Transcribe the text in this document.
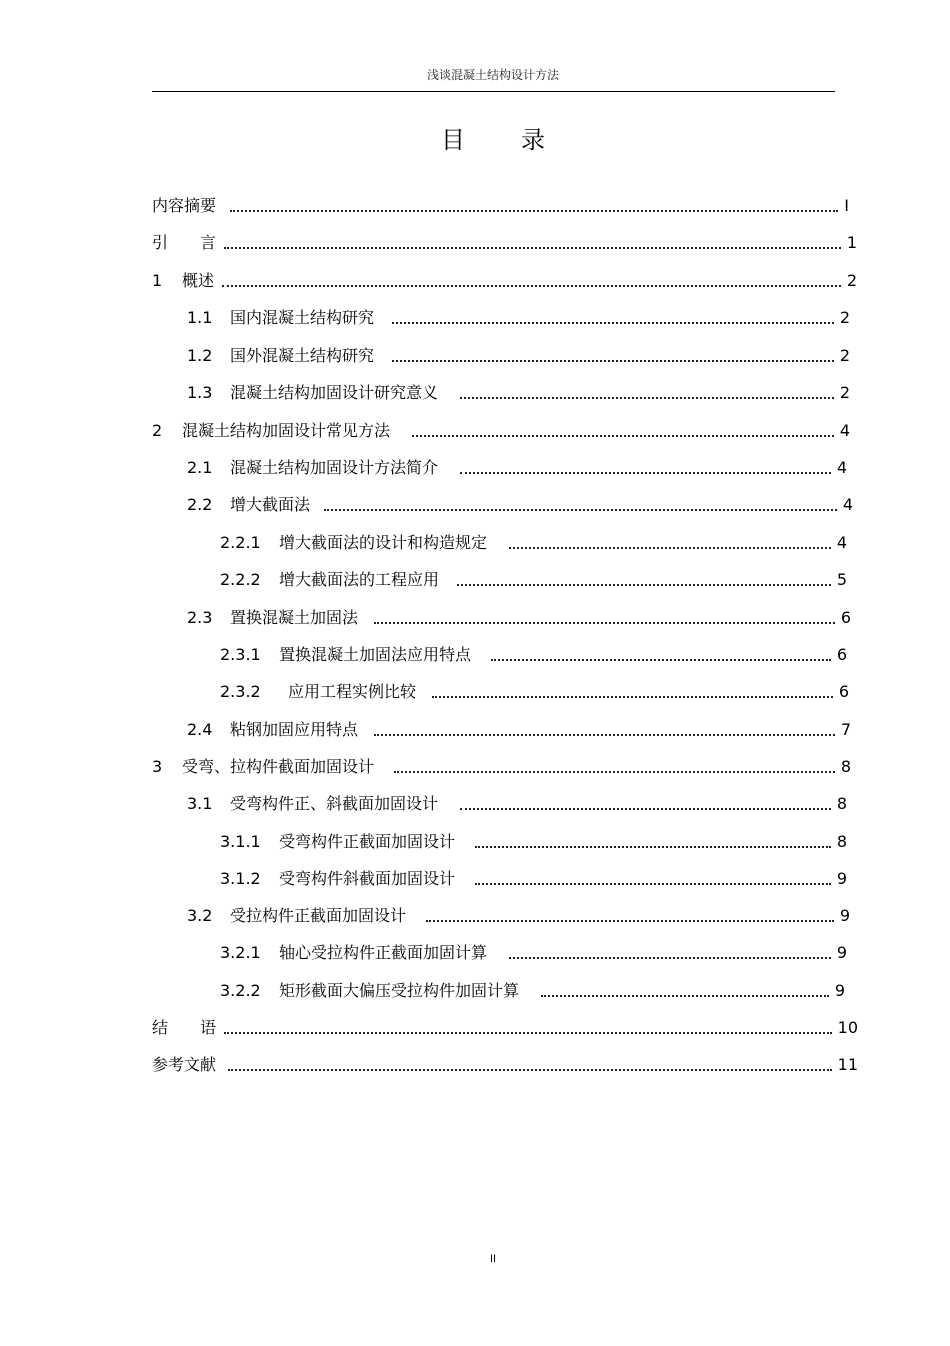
浅谈混凝土结构设计方法
目录
内容摘要	I
引　　言	1
1	概述	2
1.1	国内混凝土结构研究	2
1.2	国外混凝土结构研究	2
1.3	混凝土结构加固设计研究意义	2
2	混凝土结构加固设计常见方法	4
2.1	混凝土结构加固设计方法简介	4
2.2	增大截面法	4
2.2.1	增大截面法的设计和构造规定	4
2.2.2	增大截面法的工程应用	5
2.3	置换混凝土加固法	6
2.3.1	置换混凝土加固法应用特点	6
2.3.2	应用工程实例比较	6
2.4	粘钢加固应用特点	7
3	受弯、拉构件截面加固设计	8
3.1	受弯构件正、斜截面加固设计	8
3.1.1	受弯构件正截面加固设计	8
3.1.2	受弯构件斜截面加固设计	9
3.2	受拉构件正截面加固设计	9
3.2.1	轴心受拉构件正截面加固计算	9
3.2.2	矩形截面大偏压受拉构件加固计算	9
结　　语	10
参考文献	11
II
